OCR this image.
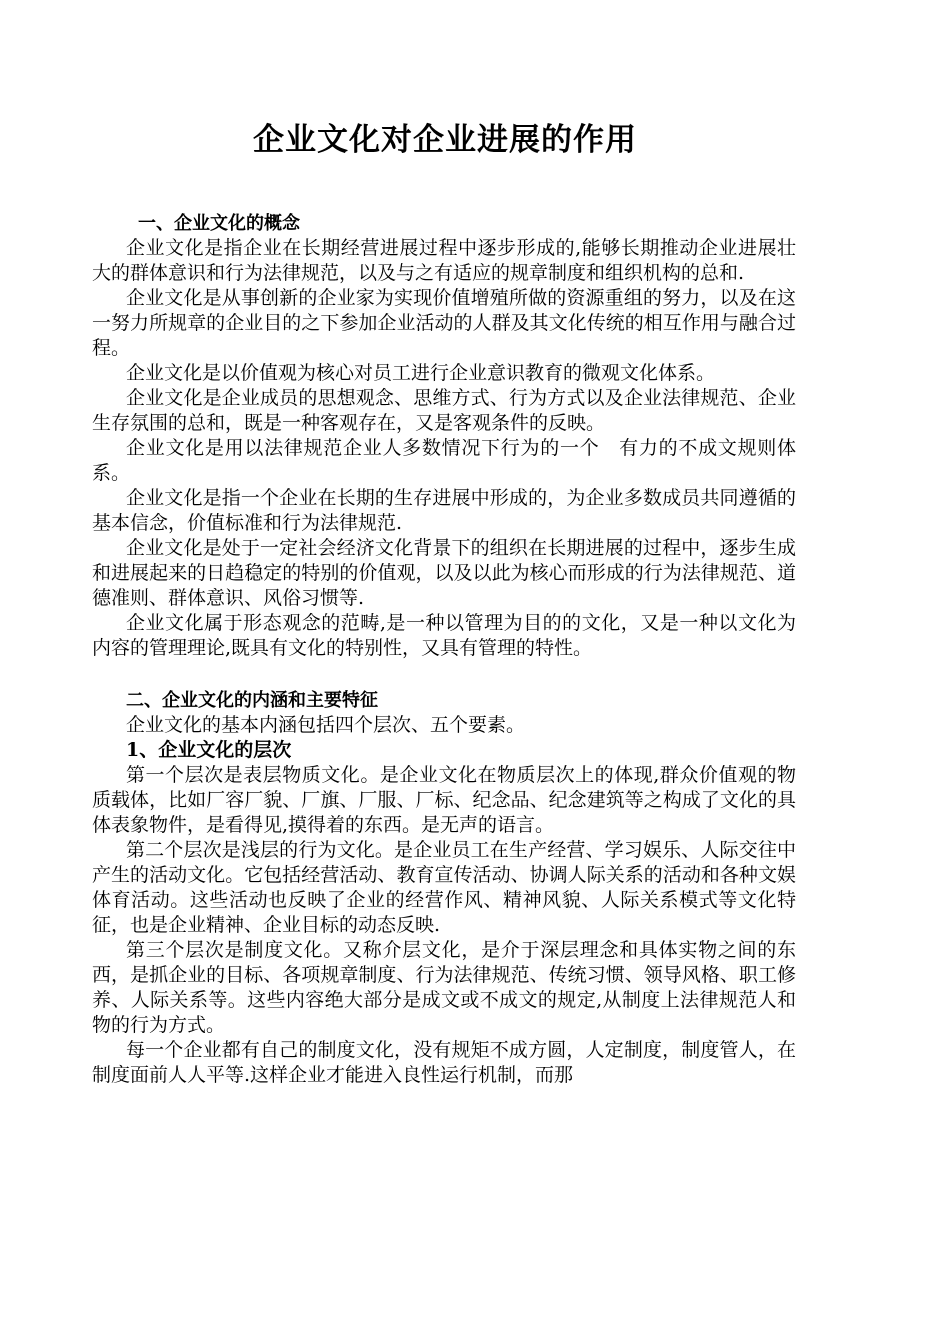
企业文化对企业进展的作用

一、企业文化的概念

企业文化是指企业在长期经营进展过程中逐步形成的,能够长期推动企业进展壮大的群体意识和行为法律规范，以及与之有适应的规章制度和组织机构的总和.

企业文化是从事创新的企业家为实现价值增殖所做的资源重组的努力，以及在这一努力所规章的企业目的之下参加企业活动的人群及其文化传统的相互作用与融合过程。

企业文化是以价值观为核心对员工进行企业意识教育的微观文化体系。

企业文化是企业成员的思想观念、思维方式、行为方式以及企业法律规范、企业生存氛围的总和，既是一种客观存在，又是客观条件的反映。

企业文化是用以法律规范企业人多数情况下行为的一个　有力的不成文规则体系。

企业文化是指一个企业在长期的生存进展中形成的，为企业多数成员共同遵循的基本信念，价值标准和行为法律规范.

企业文化是处于一定社会经济文化背景下的组织在长期进展的过程中，逐步生成和进展起来的日趋稳定的特别的价值观，以及以此为核心而形成的行为法律规范、道德准则、群体意识、风俗习惯等.

企业文化属于形态观念的范畴,是一种以管理为目的的文化，又是一种以文化为内容的管理理论,既具有文化的特别性，又具有管理的特性。

二、企业文化的内涵和主要特征

企业文化的基本内涵包括四个层次、五个要素。

1、企业文化的层次

第一个层次是表层物质文化。是企业文化在物质层次上的体现,群众价值观的物质载体，比如厂容厂貌、厂旗、厂服、厂标、纪念品、纪念建筑等之构成了文化的具体表象物件，是看得见,摸得着的东西。是无声的语言。

第二个层次是浅层的行为文化。是企业员工在生产经营、学习娱乐、人际交往中产生的活动文化。它包括经营活动、教育宣传活动、协调人际关系的活动和各种文娱体育活动。这些活动也反映了企业的经营作风、精神风貌、人际关系模式等文化特征，也是企业精神、企业目标的动态反映.

第三个层次是制度文化。又称介层文化，是介于深层理念和具体实物之间的东西，是抓企业的目标、各项规章制度、行为法律规范、传统习惯、领导风格、职工修养、人际关系等。这些内容绝大部分是成文或不成文的规定,从制度上法律规范人和物的行为方式。

每一个企业都有自己的制度文化，没有规矩不成方圆，人定制度，制度管人，在制度面前人人平等.这样企业才能进入良性运行机制，而那
